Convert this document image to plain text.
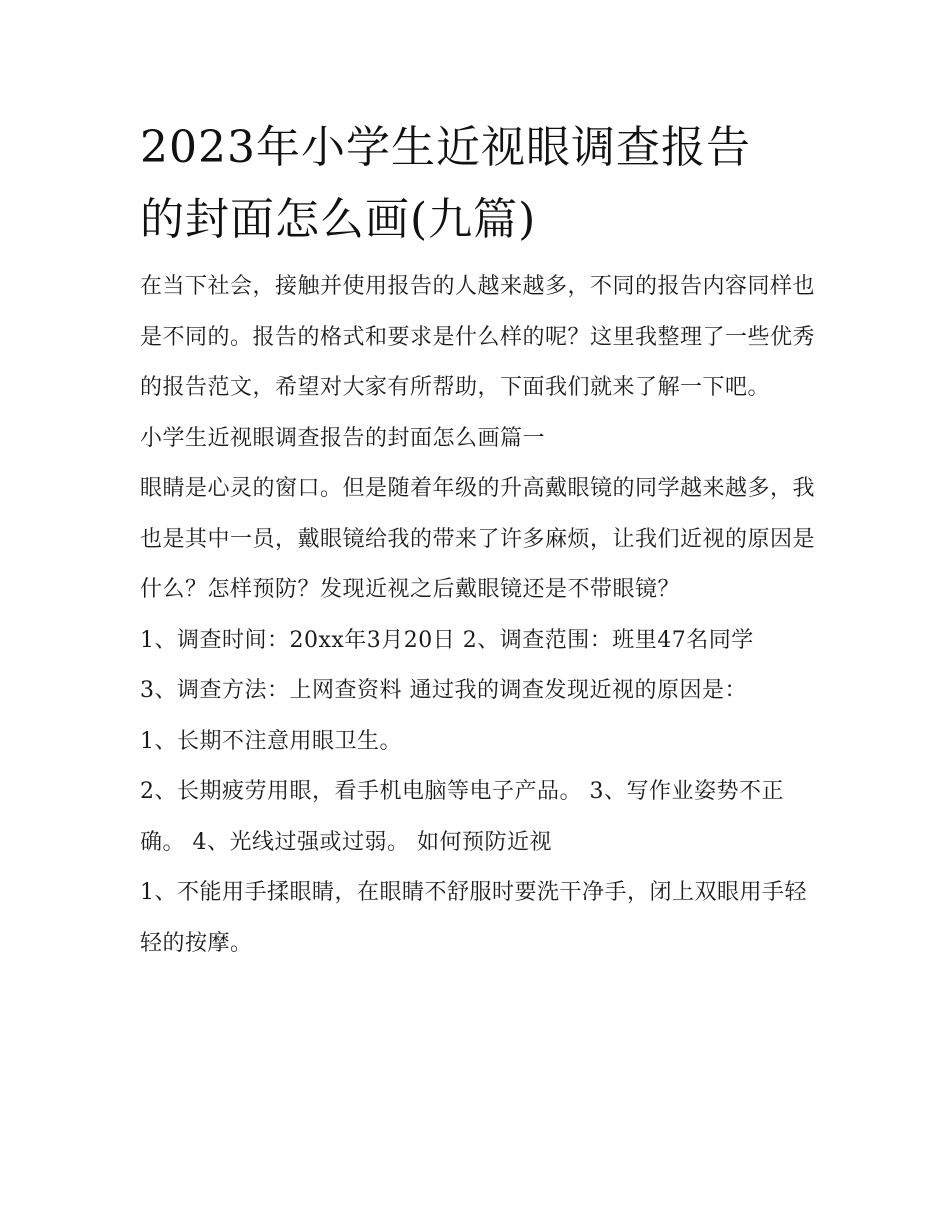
2023年小学生近视眼调查报告
的封面怎么画(九篇)

在当下社会，接触并使用报告的人越来越多，不同的报告内容同样也是不同的。报告的格式和要求是什么样的呢？这里我整理了一些优秀的报告范文，希望对大家有所帮助，下面我们就来了解一下吧。

小学生近视眼调查报告的封面怎么画篇一

眼睛是心灵的窗口。但是随着年级的升高戴眼镜的同学越来越多，我也是其中一员，戴眼镜给我的带来了许多麻烦，让我们近视的原因是什么？怎样预防？发现近视之后戴眼镜还是不带眼镜？

1、调查时间：20xx年3月20日 2、调查范围：班里47名同学

3、调查方法：上网查资料 通过我的调查发现近视的原因是：

1、长期不注意用眼卫生。

2、长期疲劳用眼，看手机电脑等电子产品。 3、写作业姿势不正确。 4、光线过强或过弱。 如何预防近视

1、不能用手揉眼睛，在眼睛不舒服时要洗干净手，闭上双眼用手轻轻的按摩。
